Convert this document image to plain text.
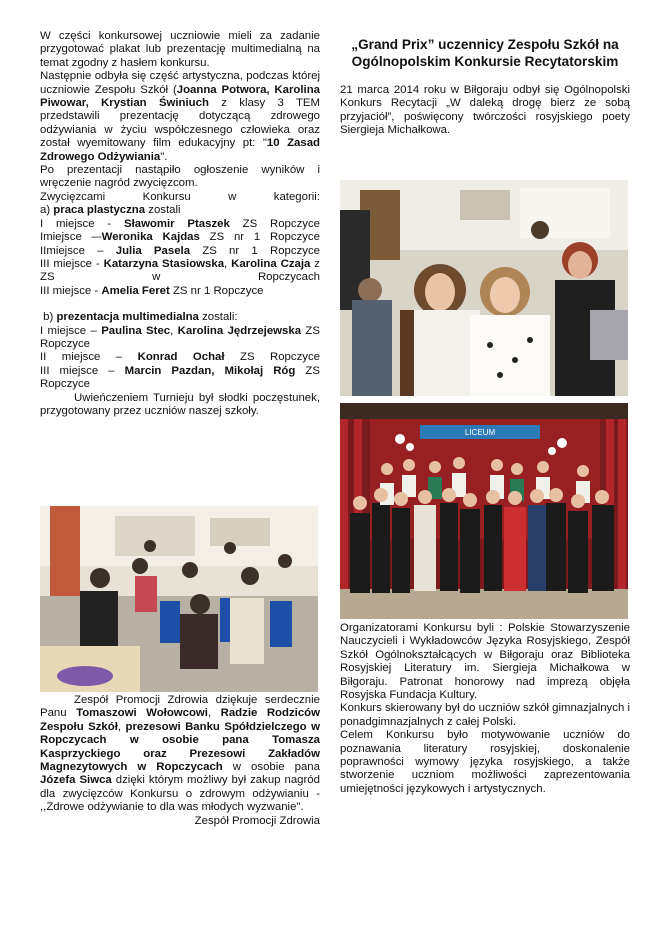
W części konkursowej uczniowie mieli za zadanie przygotować plakat lub prezentację multimedialną na temat zgodny z hasłem konkursu.

Następnie odbyła się część artystyczna, podczas której uczniowie Zespołu Szkół (Joanna Potwora, Karolina Piwowar, Krystian Świniuch z klasy 3 TEM przedstawili prezentację dotyczącą zdrowego odżywiania w życiu współczesnego człowieka oraz został wyemitowany film edukacyjny pt: "10 Zasad Zdrowego Odżywiania".

Po prezentacji nastąpiło ogłoszenie wyników i wręczenie nagród zwycięzcom.

Zwycięzcami Konkursu w kategorii:

a) praca plastyczna zostali

I miejsce - Sławomir Ptaszek ZS Ropczyce

Imiejsce –-Weronika Kajdas ZS nr 1 Ropczyce

IImiejsce – Julia Pasela ZS nr 1 Ropczyce

III miejsce - Katarzyna Stasiowska, Karolina Czaja z ZS w Ropczycach

III miejsce - Amelia Feret ZS nr 1 Ropczyce

b) prezentacja multimedialna zostali:

I miejsce – Paulina Stec, Karolina Jędrzejewska ZS Ropczyce

II miejsce – Konrad Ochał ZS Ropczyce

III miejsce – Marcin Pazdan, Mikołaj Róg ZS Ropczyce

Uwieńczeniem Turnieju był słodki poczęstunek, przygotowany przez uczniów naszej szkoły.

Zespół Promocji Zdrowia dziękuje serdecznie Panu Tomaszowi Wołowcowi, Radzie Rodziców Zespołu Szkół, prezesowi Banku Spółdzielczego w Ropczycach w osobie pana Tomasza Kasprzyckiego oraz Prezesowi Zakładów Magnezytowych w Ropczycach w osobie pana Józefa Siwca dzięki którym możliwy był zakup nagród dla zwycięzców Konkursu o zdrowym odżywianiu - ,,Zdrowe odżywianie to dla was młodych wyzwanie".

Zespół Promocji Zdrowia

„Grand Prix” uczennicy Zespołu Szkół na Ogólnopolskim Konkursie Recytatorskim

21 marca 2014 roku w Biłgoraju odbył się Ogólnopolski Konkurs Recytacji „W daleką drogę bierz ze sobą przyjaciół”, poświęcony twórczości rosyjskiego poety Siergieja Michałkowa.

LICEUM

Organizatorami Konkursu byli : Polskie Stowarzyszenie Nauczycieli i Wykładowców Języka Rosyjskiego, Zespół Szkół Ogólnokształcących w Biłgoraju oraz Biblioteka Rosyjskiej Literatury im. Siergieja Michałkowa w Biłgoraju. Patronat honorowy nad imprezą objęła Rosyjska Fundacja Kultury.

Konkurs skierowany był do uczniów szkół gimnazjalnych i ponadgimnazjalnych z całej Polski.

Celem Konkursu było motywowanie uczniów do poznawania literatury rosyjskiej, doskonalenie poprawności wymowy języka rosyjskiego, a także stworzenie uczniom możliwości zaprezentowania umiejętności językowych i artystycznych.
